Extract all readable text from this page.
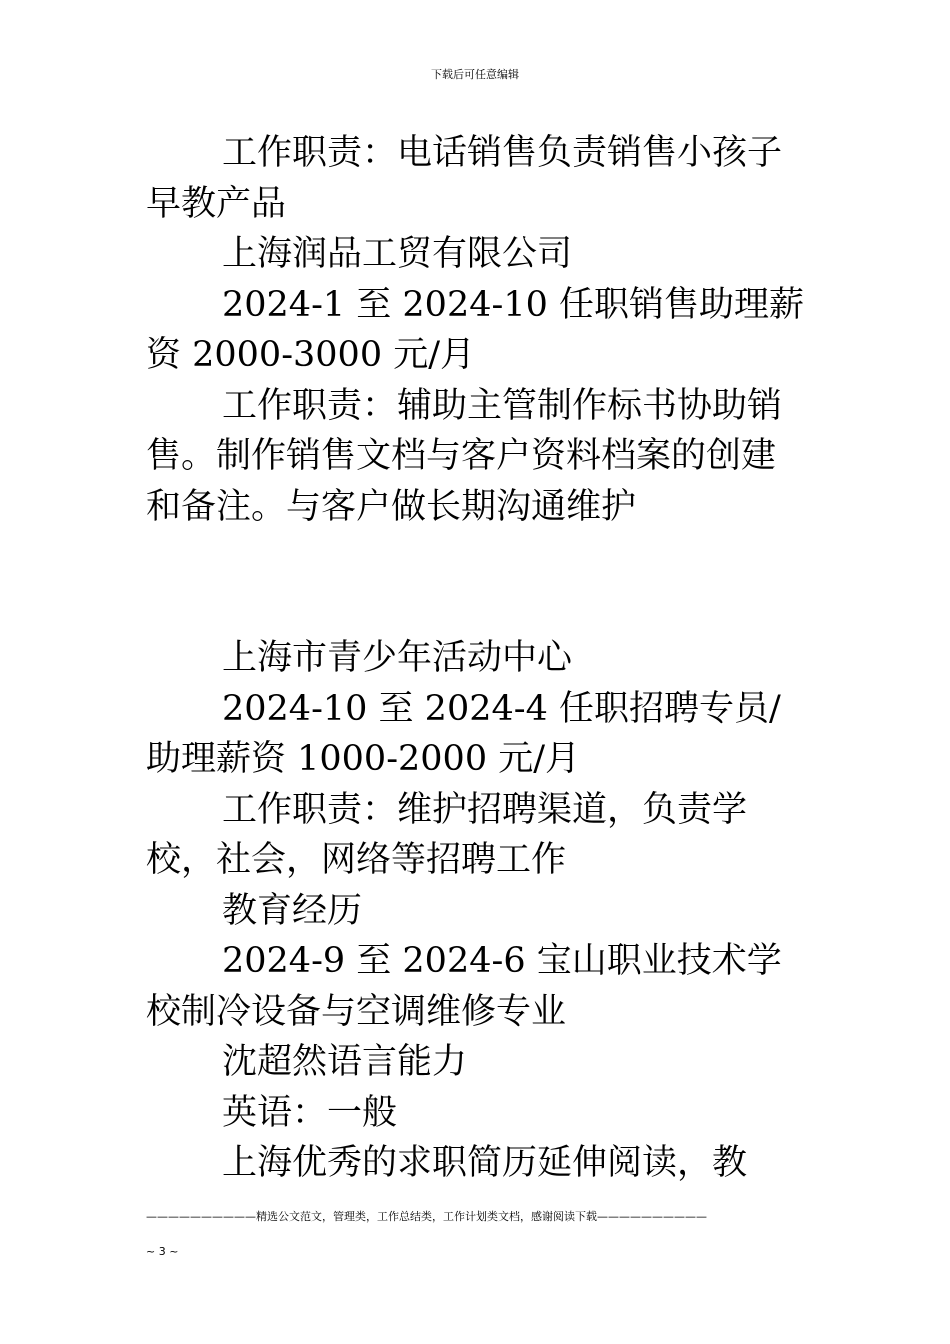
下载后可任意编辑

工作职责：电话销售负责销售小孩子早教产品

上海润品工贸有限公司

2024-1 至 2024-10 任职销售助理薪资 2000-3000 元/月

工作职责：辅助主管制作标书协助销售。制作销售文档与客户资料档案的创建和备注。与客户做长期沟通维护

上海市青少年活动中心

2024-10 至 2024-4 任职招聘专员/助理薪资 1000-2000 元/月

工作职责：维护招聘渠道，负责学校，社会，网络等招聘工作

教育经历

2024-9 至 2024-6 宝山职业技术学校制冷设备与空调维修专业

沈超然语言能力

英语：一般

上海优秀的求职简历延伸阅读，教

——————————精选公文范文，管理类，工作总结类，工作计划类文档，感谢阅读下载——————————
~ 3 ~
